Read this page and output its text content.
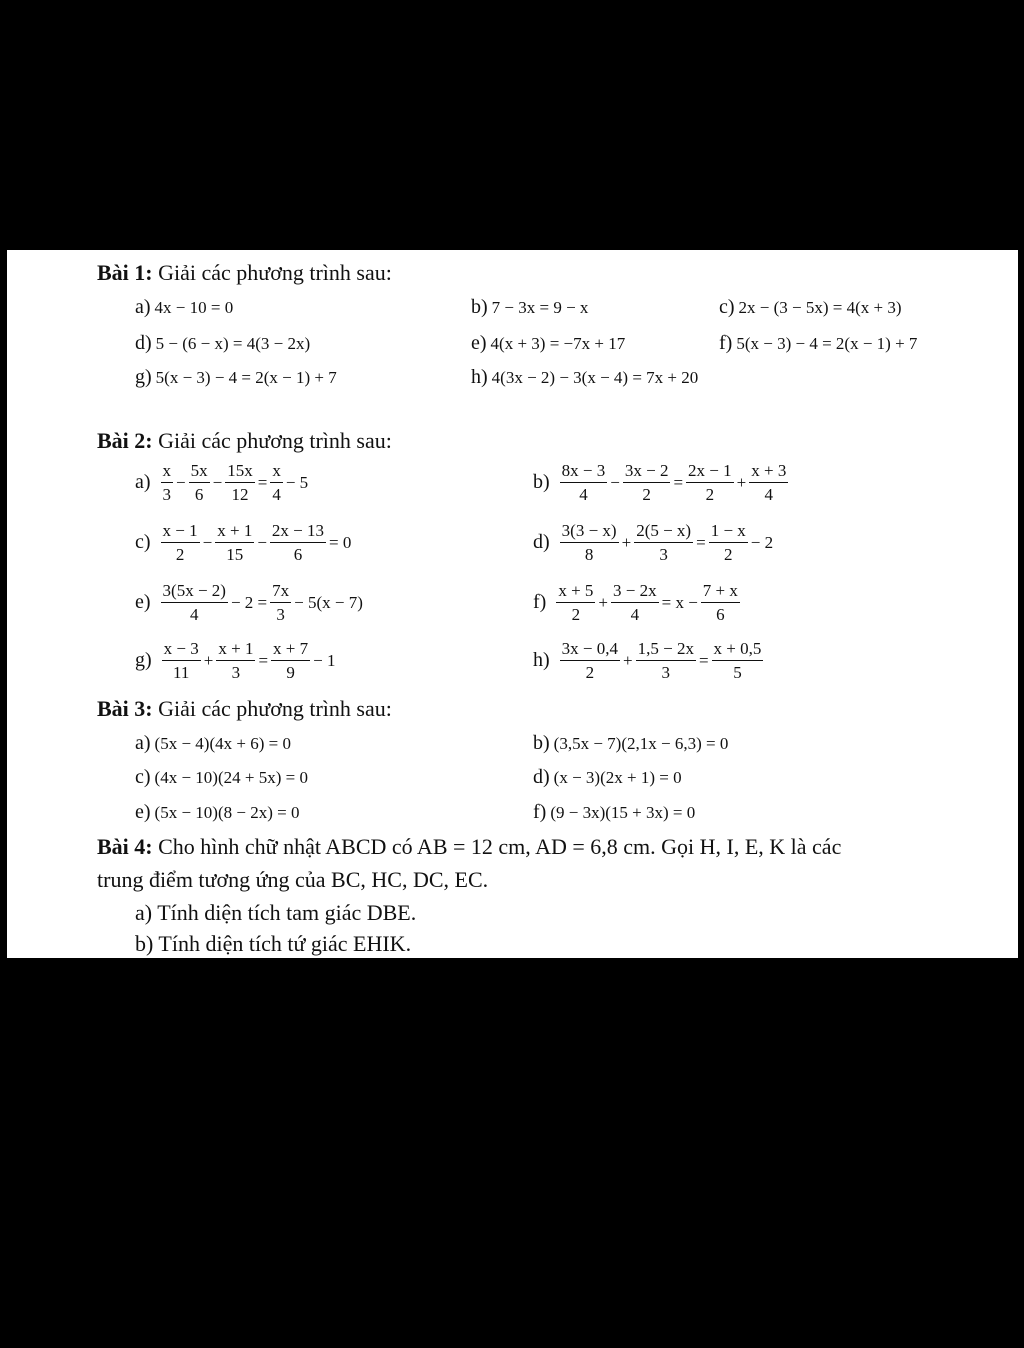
Bài 1: Giải các phương trình sau:
a) 4x − 10 = 0	b) 7 − 3x = 9 − x	c) 2x − (3 − 5x) = 4(x + 3)
d) 5 − (6 − x) = 4(3 − 2x)	e) 4(x + 3) = −7x + 17	f) 5(x − 3) − 4 = 2(x − 1) + 7
g) 5(x − 3) − 4 = 2(x − 1) + 7	h) 4(3x − 2) − 3(x − 4) = 7x + 20
Bài 2: Giải các phương trình sau:
$a) \frac{x}{3} - \frac{5x}{6} - \frac{15x}{12} = \frac{x}{4} - 5$	$b) \frac{8x - 3}{4} - \frac{3x - 2}{2} = \frac{2x - 1}{2} + \frac{x + 3}{4}$
$c) \frac{x - 1}{2} - \frac{x + 1}{15} - \frac{2x - 13}{6} = 0$	$d) \frac{3(3 - x)}{8} + \frac{2(5 - x)}{3} = \frac{1 - x}{2} - 2$
$e) \frac{3(5x - 2)}{4} - 2 = \frac{7x}{3} - 5(x - 7)$	$f) \frac{x + 5}{2} + \frac{3 - 2x}{4} = x - \frac{7 + x}{6}$
$g) \frac{x - 3}{11} + \frac{x + 1}{3} = \frac{x + 7}{9} - 1$	$h) \frac{3x - 0,4}{2} + \frac{1,5 - 2x}{3} = \frac{x + 0,5}{5}$
Bài 3: Giải các phương trình sau:
a) (5x − 4)(4x + 6) = 0	b) (3,5x − 7)(2,1x − 6,3) = 0
c) (4x − 10)(24 + 5x) = 0	d) (x − 3)(2x + 1) = 0
e) (5x − 10)(8 − 2x) = 0	f) (9 − 3x)(15 + 3x) = 0
Bài 4: Cho hình chữ nhật ABCD có AB = 12 cm, AD = 6,8 cm. Gọi H, I, E, K là các
trung điểm tương ứng của BC, HC, DC, EC.
a) Tính diện tích tam giác DBE.
b) Tính diện tích tứ giác EHIK.
